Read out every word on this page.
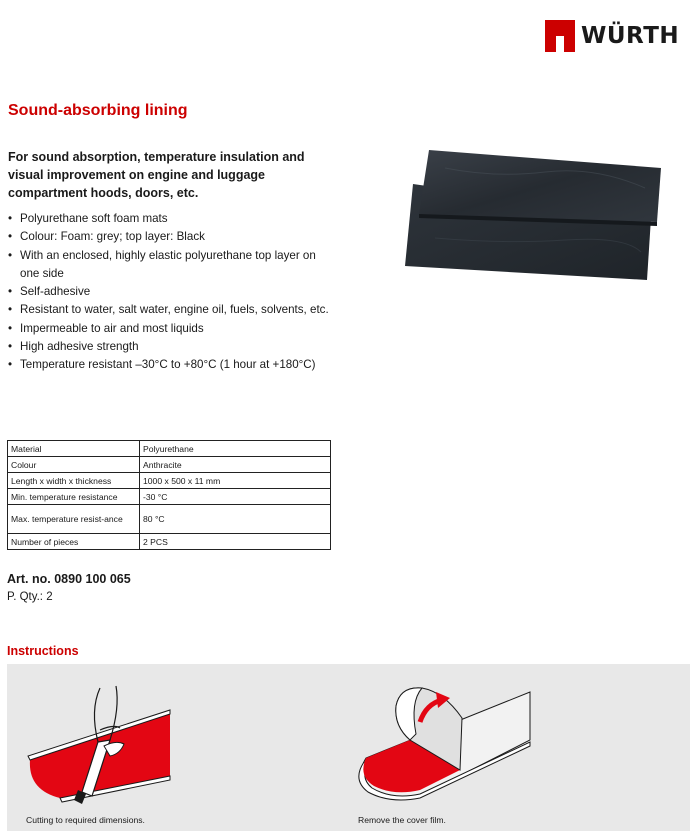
WÜRTH
Sound-absorbing lining
For sound absorption, temperature insulation and visual improvement on engine and luggage compartment hoods, doors, etc.
• Polyurethane soft foam mats
• Colour: Foam: grey; top layer: Black
• With an enclosed, highly elastic polyurethane top layer on one side
• Self-adhesive
• Resistant to water, salt water, engine oil, fuels, solvents, etc.
• Impermeable to air and most liquids
• High adhesive strength
• Temperature resistant –30°C to +80°C (1 hour at +180°C)
Material	Polyurethane
Colour	Anthracite
Length x width x thickness	1000 x 500 x 11 mm
Min. temperature resistance	-30 °C
Max. temperature resist-ance	80 °C
Number of pieces	2 PCS
Art. no. 0890 100 065
P. Qty.: 2
Instructions
Cutting to required dimensions.	Remove the cover film.
